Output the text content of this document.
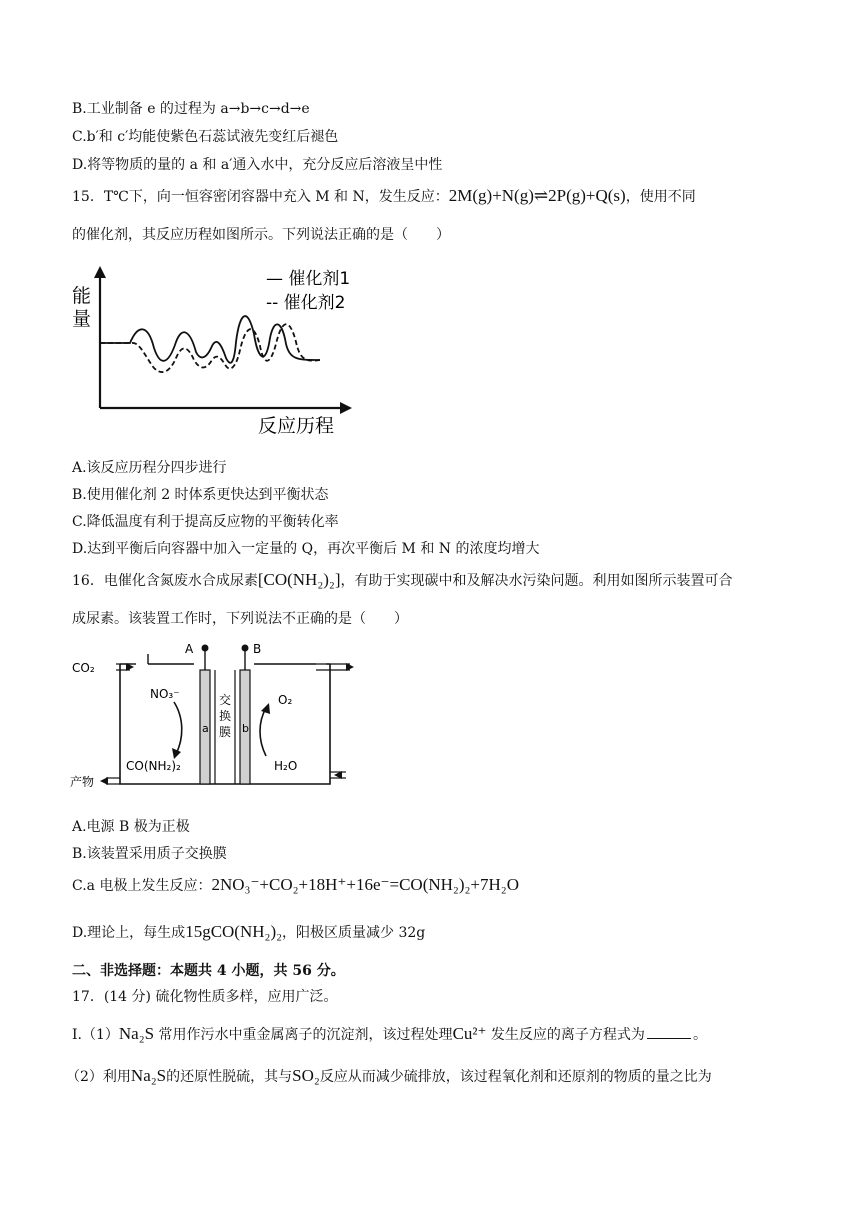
B.工业制备 e 的过程为 a→b→c→d→e
C.b′和 c′均能使紫色石蕊试液先变红后褪色
D.将等物质的量的 a 和 a′通入水中，充分反应后溶液呈中性
15．T℃下，向一恒容密闭容器中充入 M 和 N，发生反应：2M(g)+N(g)⇌2P(g)+Q(s)，使用不同
的催化剂，其反应历程如图所示。下列说法正确的是（　　）
能
量
反应历程
— 催化剂1
-- 催化剂2
A.该反应历程分四步进行
B.使用催化剂 2 时体系更快达到平衡状态
C.降低温度有利于提高反应物的平衡转化率
D.达到平衡后向容器中加入一定量的 Q，再次平衡后 M 和 N 的浓度均增大
16．电催化含氮废水合成尿素[CO(NH₂)₂]，有助于实现碳中和及解决水污染问题。利用如图所示装置可合
成尿素。该装置工作时，下列说法不正确的是（　　）
A	B
a	b
交 换 膜
CO₂
NO₃⁻
CO(NH₂)₂
产物
O₂
H₂O
A.电源 B 极为正极
B.该装置采用质子交换膜
C.a 电极上发生反应：2NO₃⁻+CO₂+18H⁺+16e⁻=CO(NH₂)₂+7H₂O
D.理论上，每生成15gCO(NH₂)₂，阳极区质量减少 32g
二、非选择题：本题共 4 小题，共 56 分。
17．(14 分) 硫化物性质多样，应用广泛。
Ⅰ.（1）Na₂S 常用作污水中重金属离子的沉淀剂，该过程处理Cu²⁺ 发生反应的离子方程式为	。
（2）利用Na₂S的还原性脱硫，其与SO₂反应从而减少硫排放，该过程氧化剂和还原剂的物质的量之比为
